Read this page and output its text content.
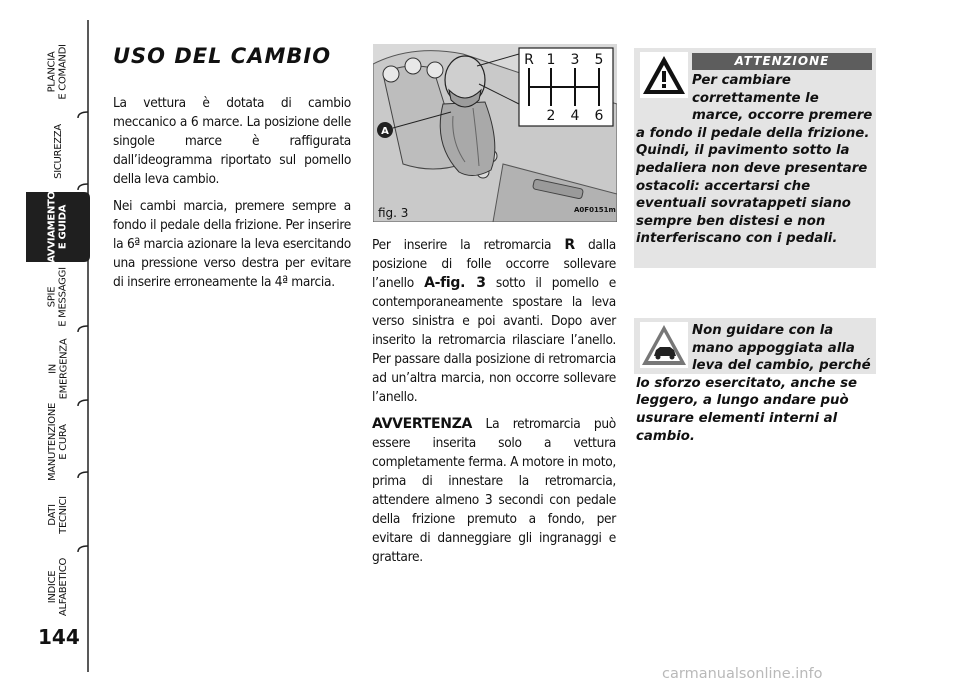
PLANCIA
E COMANDI
SICUREZZA
AVVIAMENTO
E GUIDA
SPIE
E MESSAGGI
IN EMERGENZA
MANUTENZIONE
E CURA
DATI TECNICI
INDICE
ALFABETICO
144
USO DEL CAMBIO

La vettura è dotata di cambio meccanico a 6 marce. La posizione delle singole marce è raffigurata dall’ideogramma riportato sul pomello della leva cambio.

Nei cambi marcia, premere sempre a fondo il pedale della frizione. Per inserire la 6ª marcia azionare la leva esercitando una pressione verso destra per evitare di inserire erroneamente la 4ª marcia.

A
R 1 3 5
2 4 6
fig. 3	A0F0151m

Per inserire la retromarcia R dalla posizione di folle occorre sollevare l’anello A-fig. 3 sotto il pomello e contemporaneamente spostare la leva verso sinistra e poi avanti. Dopo aver inserito la retromarcia rilasciare l’anello. Per passare dalla posizione di retromarcia ad un’altra marcia, non occorre sollevare l’anello.

AVVERTENZA La retromarcia può essere inserita solo a vettura completamente ferma. A motore in moto, prima di innestare la retromarcia, attendere almeno 3 secondi con pedale della frizione premuto a fondo, per evitare di danneggiare gli ingranaggi e grattare.

ATTENZIONE

Per cambiare correttamente le marce, occorre premere a fondo il pedale della frizione. Quindi, il pavimento sotto la pedaliera non deve presentare ostacoli: accertarsi che eventuali sovratappeti siano sempre ben distesi e non interferiscano con i pedali.

Non guidare con la mano appoggiata alla leva del cambio, perché lo sforzo esercitato, anche se leggero, a lungo andare può usurare elementi interni al cambio.

carmanualsonline.info
